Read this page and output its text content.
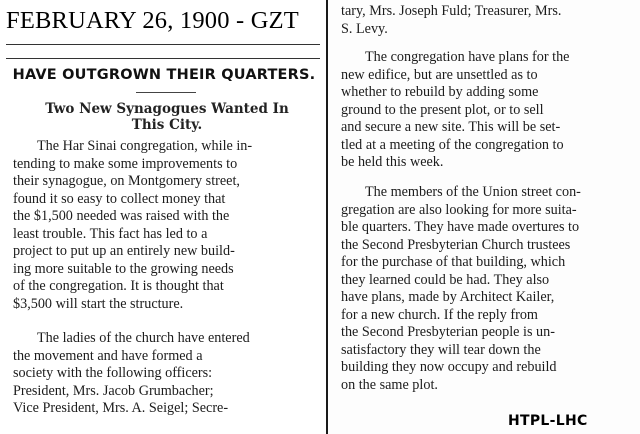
FEBRUARY 26, 1900 - GZT
HAVE OUTGROWN THEIR QUARTERS.
Two New Synagogues Wanted In
This City.
The Har Sinai congregation, while in-
tending to make some improvements to
their synagogue, on Montgomery street,
found it so easy to collect money that
the $1,500 needed was raised with the
least trouble. This fact has led to a
project to put up an entirely new build-
ing more suitable to the growing needs
of the congregation. It is thought that
$3,500 will start the structure.
The ladies of the church have entered
the movement and have formed a
society with the following officers:
President, Mrs. Jacob Grumbacher;
Vice President, Mrs. A. Seigel; Secre-
tary, Mrs. Joseph Fuld; Treasurer, Mrs.
S. Levy.
The congregation have plans for the
new edifice, but are unsettled as to
whether to rebuild by adding some
ground to the present plot, or to sell
and secure a new site. This will be set-
tled at a meeting of the congregation to
be held this week.
The members of the Union street con-
gregation are also looking for more suita-
ble quarters. They have made overtures to
the Second Presbyterian Church trustees
for the purchase of that building, which
they learned could be had. They also
have plans, made by Architect Kailer,
for a new church. If the reply from
the Second Presbyterian people is un-
satisfactory they will tear down the
building they now occupy and rebuild
on the same plot.
HTPL-LHC
